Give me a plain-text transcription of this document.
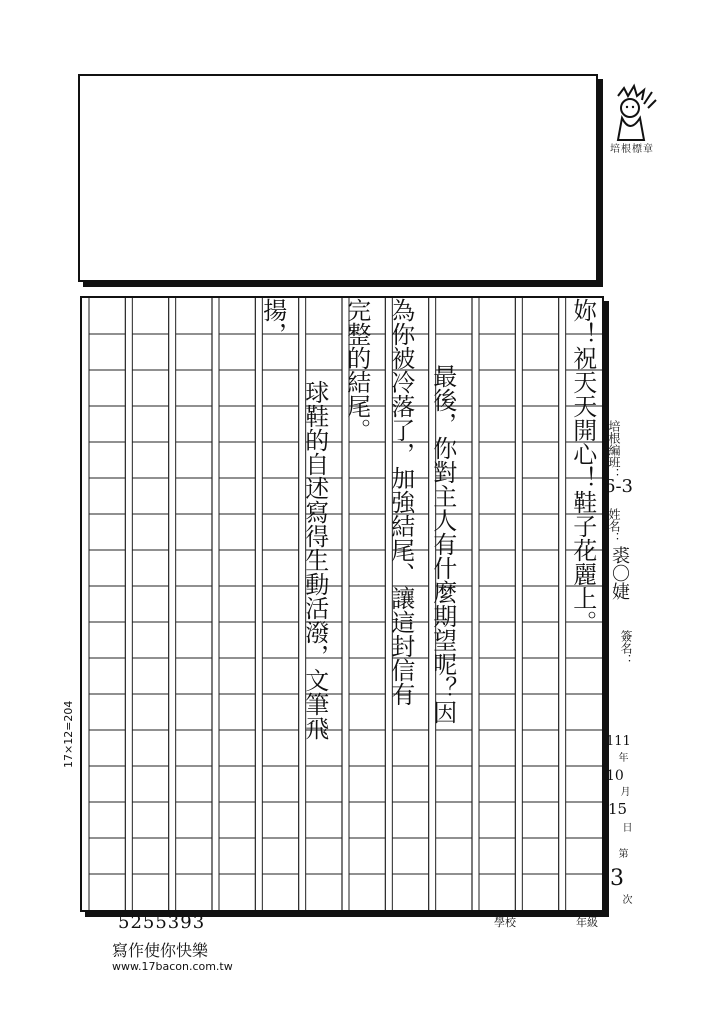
培根標章
妳！祝天天開心！鞋子花麗上。
最後，你對主人有什麼期望呢？因
為你被冷落了，加強結尾、讓這封信有
完整的結尾。
球鞋的自述寫得生動活潑，文筆飛
揚，
培根編班：
6-3
姓名：
裘〇婕
簽名：
111
年
10
月
15
日
第
3
次
17×12=204
5255393
寫作使你快樂
www.17bacon.com.tw
學校	年級
